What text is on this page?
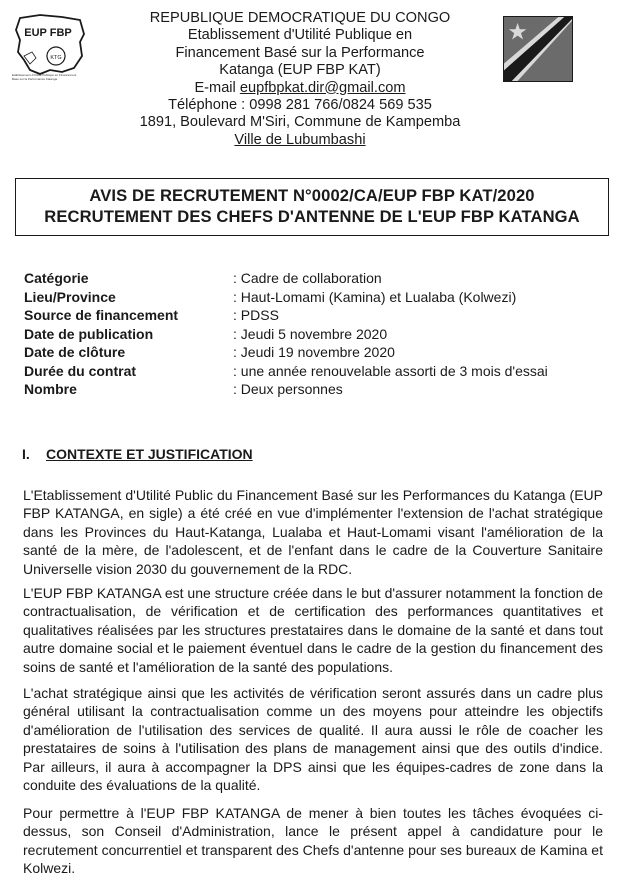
EUP FBP
KTG
Etablissement d'Utilité Publique en Financement Basé sur la Performance Katanga
REPUBLIQUE DEMOCRATIQUE DU CONGO
Etablissement d'Utilité Publique en
Financement Basé sur la Performance
Katanga (EUP FBP KAT)
E-mail eupfbpkat.dir@gmail.com
Téléphone : 0998 281 766/0824 569 535
1891, Boulevard M'Siri, Commune de Kampemba
Ville de Lubumbashi
AVIS DE RECRUTEMENT N°0002/CA/EUP FBP KAT/2020
RECRUTEMENT DES CHEFS D'ANTENNE DE L'EUP FBP KATANGA
Catégorie	: Cadre de collaboration
Lieu/Province	: Haut-Lomami (Kamina) et Lualaba (Kolwezi)
Source de financement	: PDSS
Date de publication	: Jeudi 5 novembre 2020
Date de clôture	: Jeudi 19 novembre 2020
Durée du contrat	: une année renouvelable assorti de 3 mois d'essai
Nombre	: Deux personnes
I. CONTEXTE ET JUSTIFICATION

L'Etablissement d'Utilité Public du Financement Basé sur les Performances du Katanga (EUP FBP KATANGA, en sigle) a été créé en vue d'implémenter l'extension de l'achat stratégique dans les Provinces du Haut-Katanga, Lualaba et Haut-Lomami visant l'amélioration de la santé de la mère, de l'adolescent, et de l'enfant dans le cadre de la Couverture Sanitaire Universelle vision 2030 du gouvernement de la RDC.

L'EUP FBP KATANGA est une structure créée dans le but d'assurer notamment la fonction de contractualisation, de vérification et de certification des performances quantitatives et qualitatives réalisées par les structures prestataires dans le domaine de la santé et dans tout autre domaine social et le paiement éventuel dans le cadre de la gestion du financement des soins de santé et l'amélioration de la santé des populations.

L'achat stratégique ainsi que les activités de vérification seront assurés dans un cadre plus général utilisant la contractualisation comme un des moyens pour atteindre les objectifs d'amélioration de l'utilisation des services de qualité. Il aura aussi le rôle de coacher les prestataires de soins à l'utilisation des plans de management ainsi que des outils d'indice. Par ailleurs, il aura à accompagner la DPS ainsi que les équipes-cadres de zone dans la conduite des évaluations de la qualité.

Pour permettre à l'EUP FBP KATANGA de mener à bien toutes les tâches évoquées ci-dessus, son Conseil d'Administration, lance le présent appel à candidature pour le recrutement concurrentiel et transparent des Chefs d'antenne pour ses bureaux de Kamina et Kolwezi.
